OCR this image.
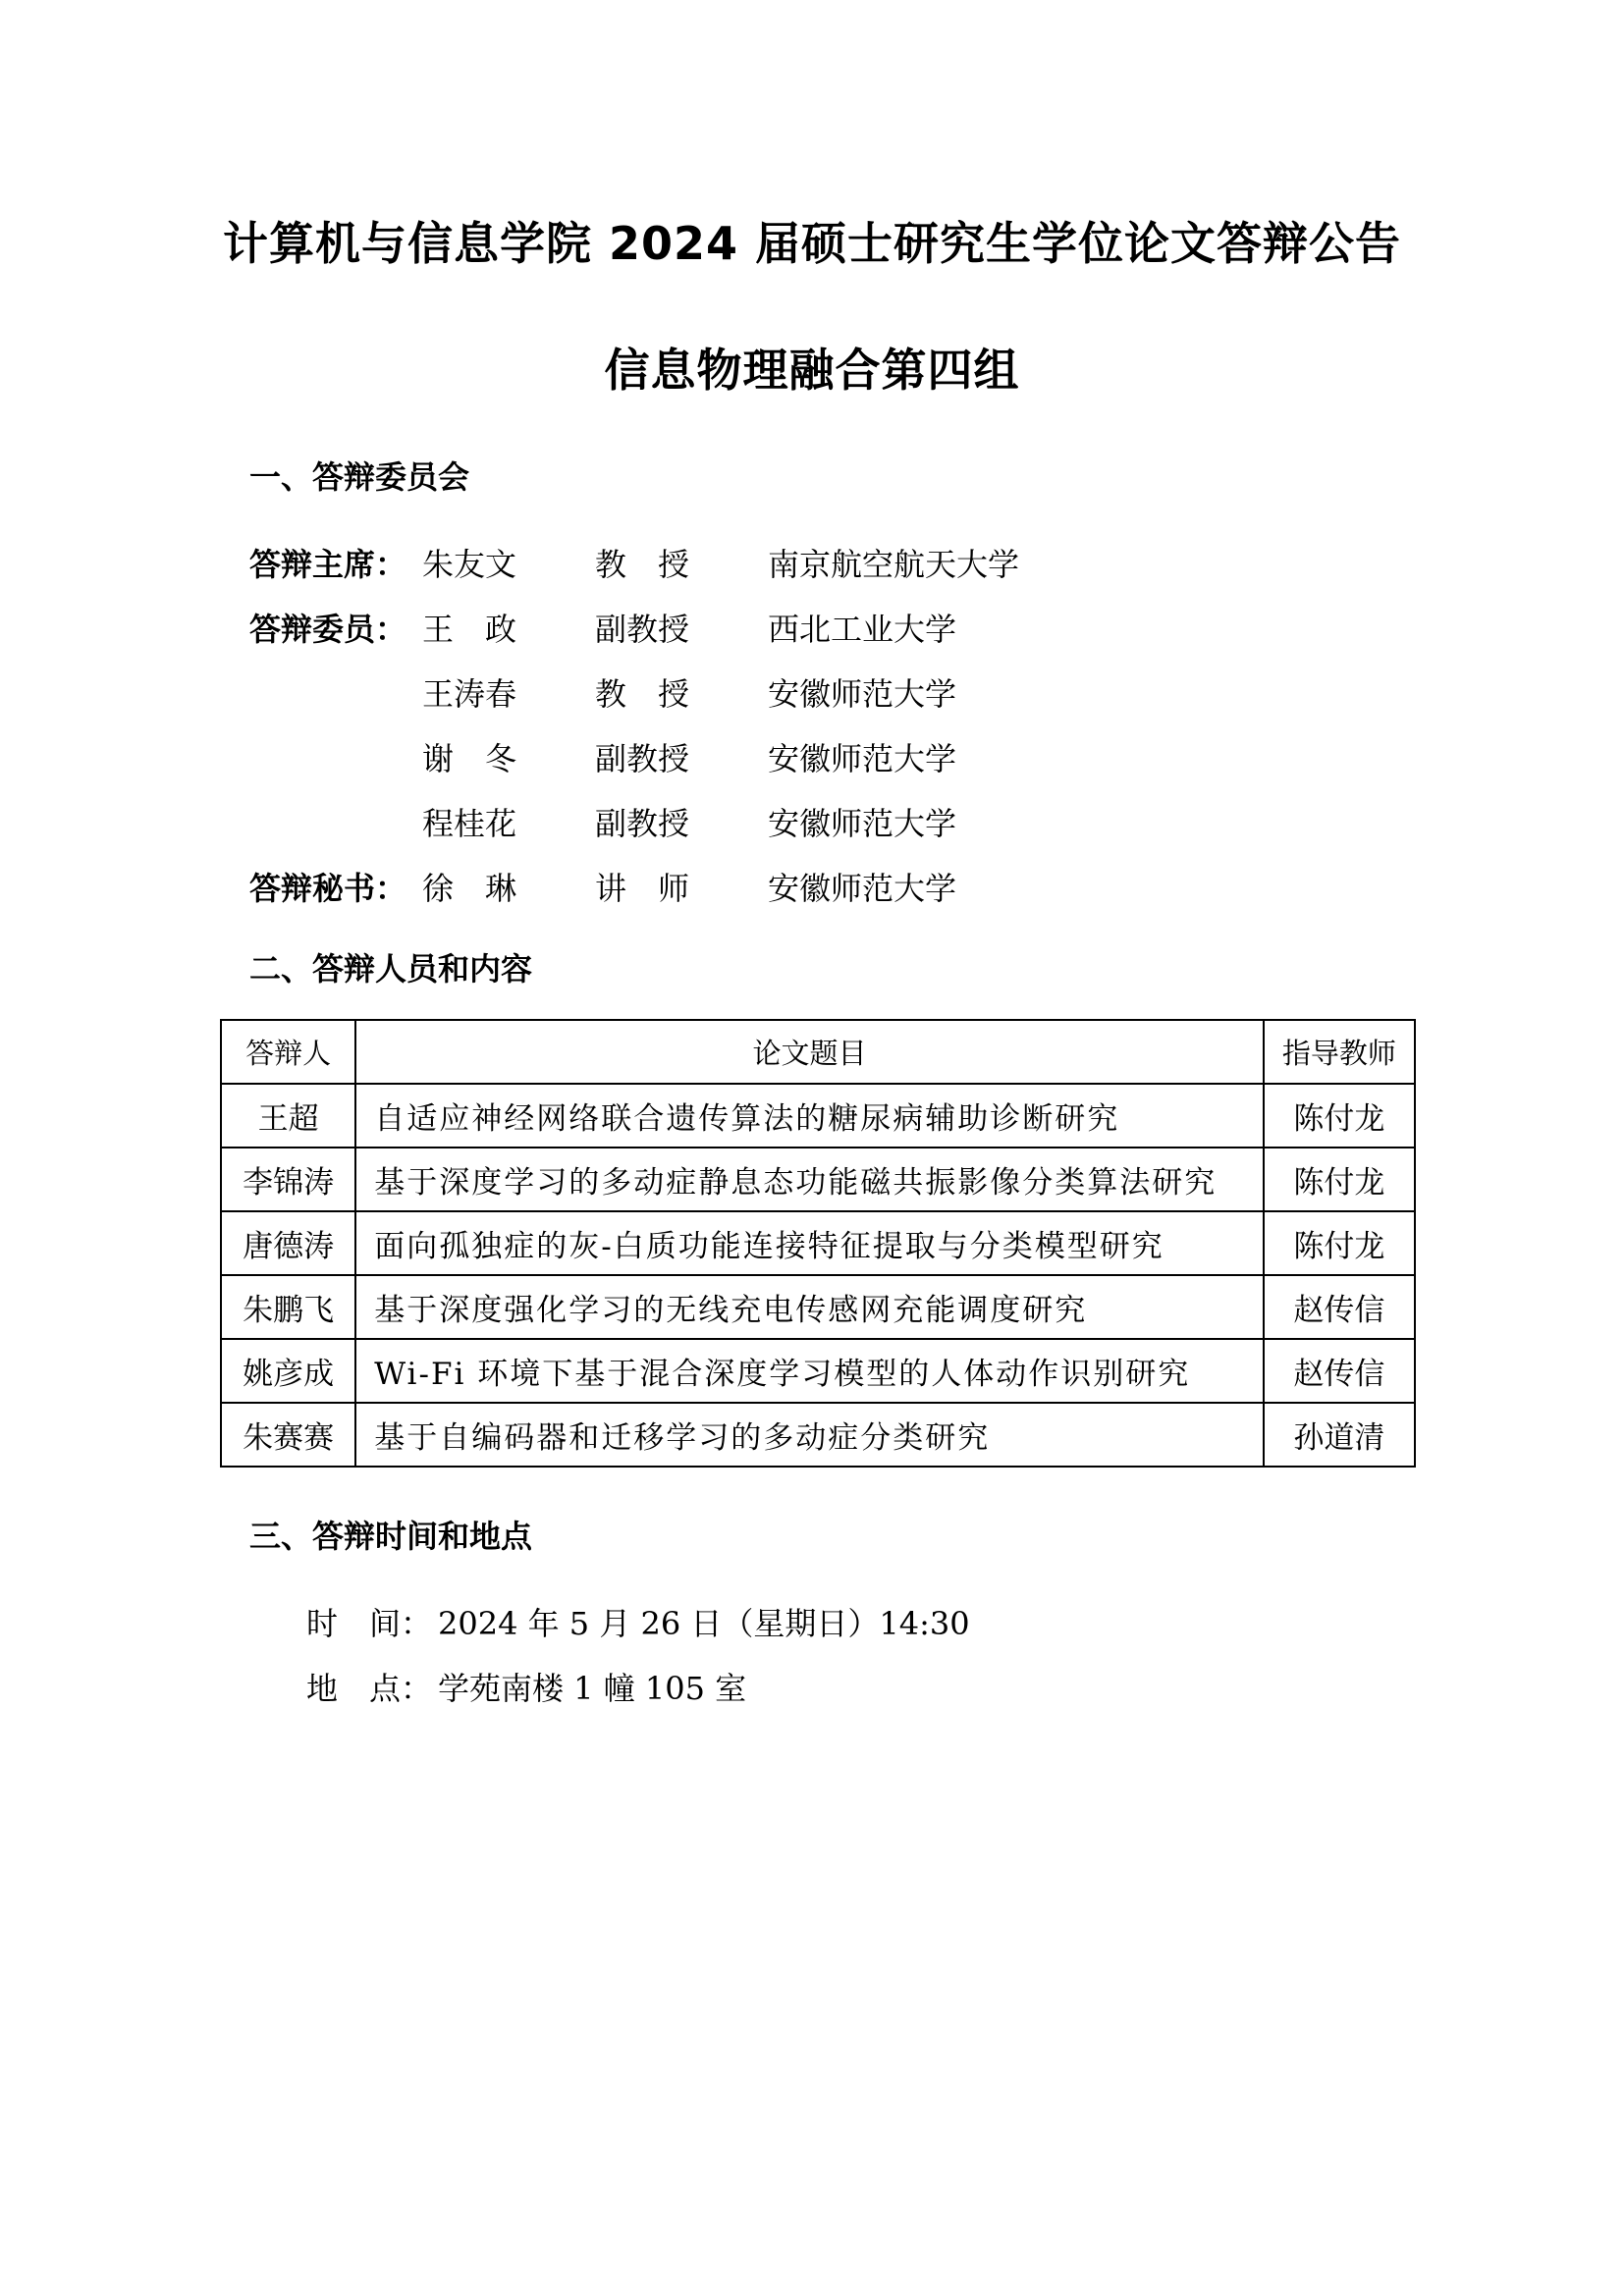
计算机与信息学院 2024 届硕士研究生学位论文答辩公告
信息物理融合第四组
一、答辩委员会
答辩主席： 朱友文 教　授 南京航空航天大学
答辩委员： 王　政 副教授 西北工业大学
王涛春 教　授 安徽师范大学
谢　冬 副教授 安徽师范大学
程桂花 副教授 安徽师范大学
答辩秘书： 徐　琳 讲　师 安徽师范大学
二、答辩人员和内容
答辩人	论文题目	指导教师
王超	自适应神经网络联合遗传算法的糖尿病辅助诊断研究	陈付龙
李锦涛	基于深度学习的多动症静息态功能磁共振影像分类算法研究	陈付龙
唐德涛	面向孤独症的灰-白质功能连接特征提取与分类模型研究	陈付龙
朱鹏飞	基于深度强化学习的无线充电传感网充能调度研究	赵传信
姚彦成	Wi-Fi 环境下基于混合深度学习模型的人体动作识别研究	赵传信
朱赛赛	基于自编码器和迁移学习的多动症分类研究	孙道清
三、答辩时间和地点
时　间： 2024 年 5 月 26 日（星期日）14:30
地　点： 学苑南楼 1 幢 105 室
